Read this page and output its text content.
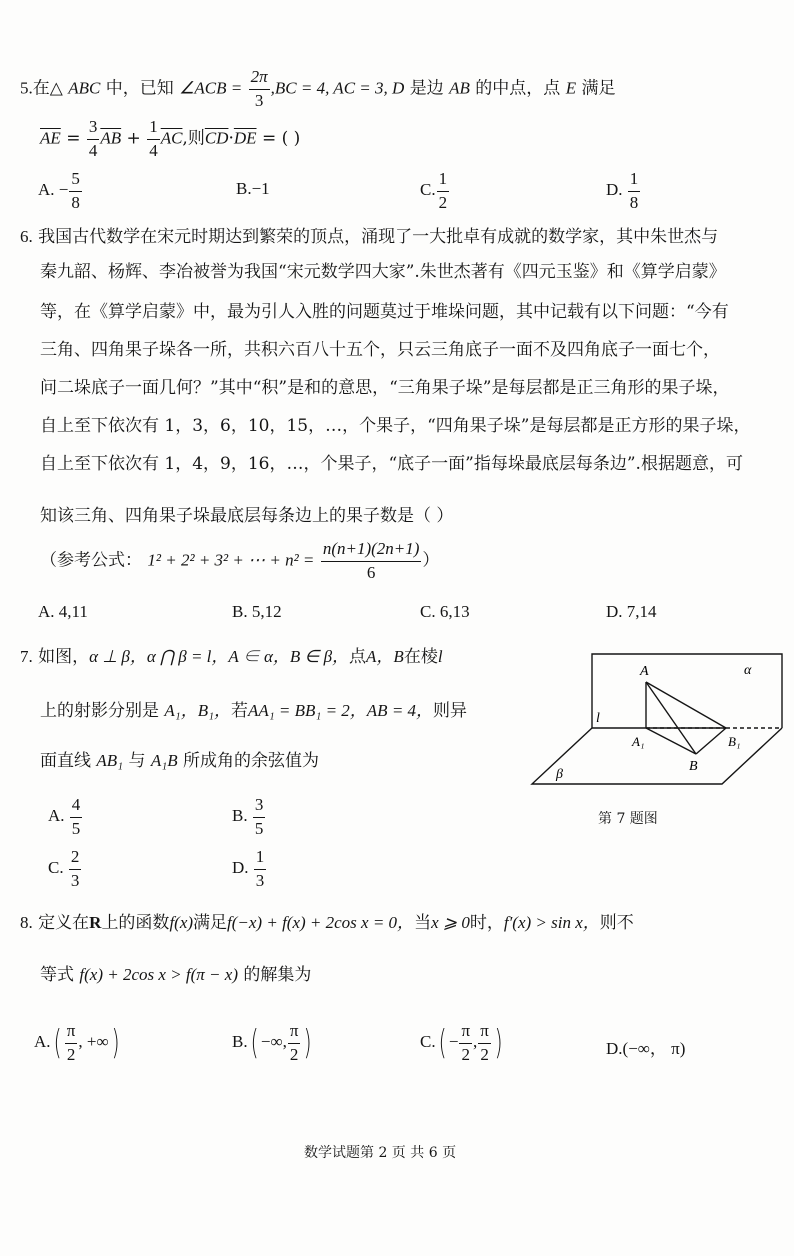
5.在△ ABC 中，已知 ∠ACB = $\frac{2\pi}{3} ,BC = 4$, AC = 3, D 是边 AB 的中点，点 E 满足
$\overline{AE} = \frac{3}{4} \overline{AB} + \frac{1}{4} \overline{AC}$,则$\overline{CD}\cdot\overline{DE}$ = ( )
A. − $\frac{5}{8}$	B.−1	C. $\frac{1}{2}$	D. $\frac{1}{8}$
6. 我国古代数学在宋元时期达到繁荣的顶点，涌现了一大批卓有成就的数学家，其中朱世杰与
秦九韶、杨辉、李冶被誉为我国“宋元数学四大家”.朱世杰著有《四元玉鉴》和《算学启蒙》
等，在《算学启蒙》中，最为引人入胜的问题莫过于堆垛问题，其中记载有以下问题：“今有
三角、四角果子垛各一所，共积六百八十五个，只云三角底子一面不及四角底子一面七个，
问二垛底子一面几何？”其中“积”是和的意思，“三角果子垛”是每层都是正三角形的果子垛，
自上至下依次有 1，3，6，10，15，…，个果子，“四角果子垛”是每层都是正方形的果子垛，
自上至下依次有 1，4，9，16，…，个果子，“底子一面”指每垛最底层每条边”.根据题意，可
知该三角、四角果子垛最底层每条边上的果子数是（ ）
（参考公式： 1² + 2² + 3² + ⋯ + $n^2 = \frac{n(n+1)(2n+1)}{6}$ ）
A. 4,11	B. 5,12	C. 6,13	D. 7,14
7. 如图，α ⊥ β，α ⋂ β = l，A ∈ α，B ∈ β，点A，B在棱l
上的射影分别是 A₁，B₁，若AA₁ = BB₁ = 2，AB = 4，则异
面直线 AB₁ 与 A₁B 所成角的余弦值为
A. $\frac{4}{5}$	B. $\frac{3}{5}$
C. $\frac{2}{3}$	D. $\frac{1}{3}$
A	α
l
A₁	B₁
B
β
第 7 题图
8. 定义在R上的函数f(x)满足f(−x) + f(x) + 2cos x = 0，当x ⩾ 0时，f′(x) > sin x，则不
等式 f(x) + 2cos x > f(π − x) 的解集为
$A.( \frac{\pi}{2}$ , +∞)	B.( −∞, $\frac{\pi}{2}$ )	$C.( - \frac{\pi}{2}$ , $\frac{\pi}{2}$ )	D.(−∞， π)
数学试题第 2 页 共 6 页
